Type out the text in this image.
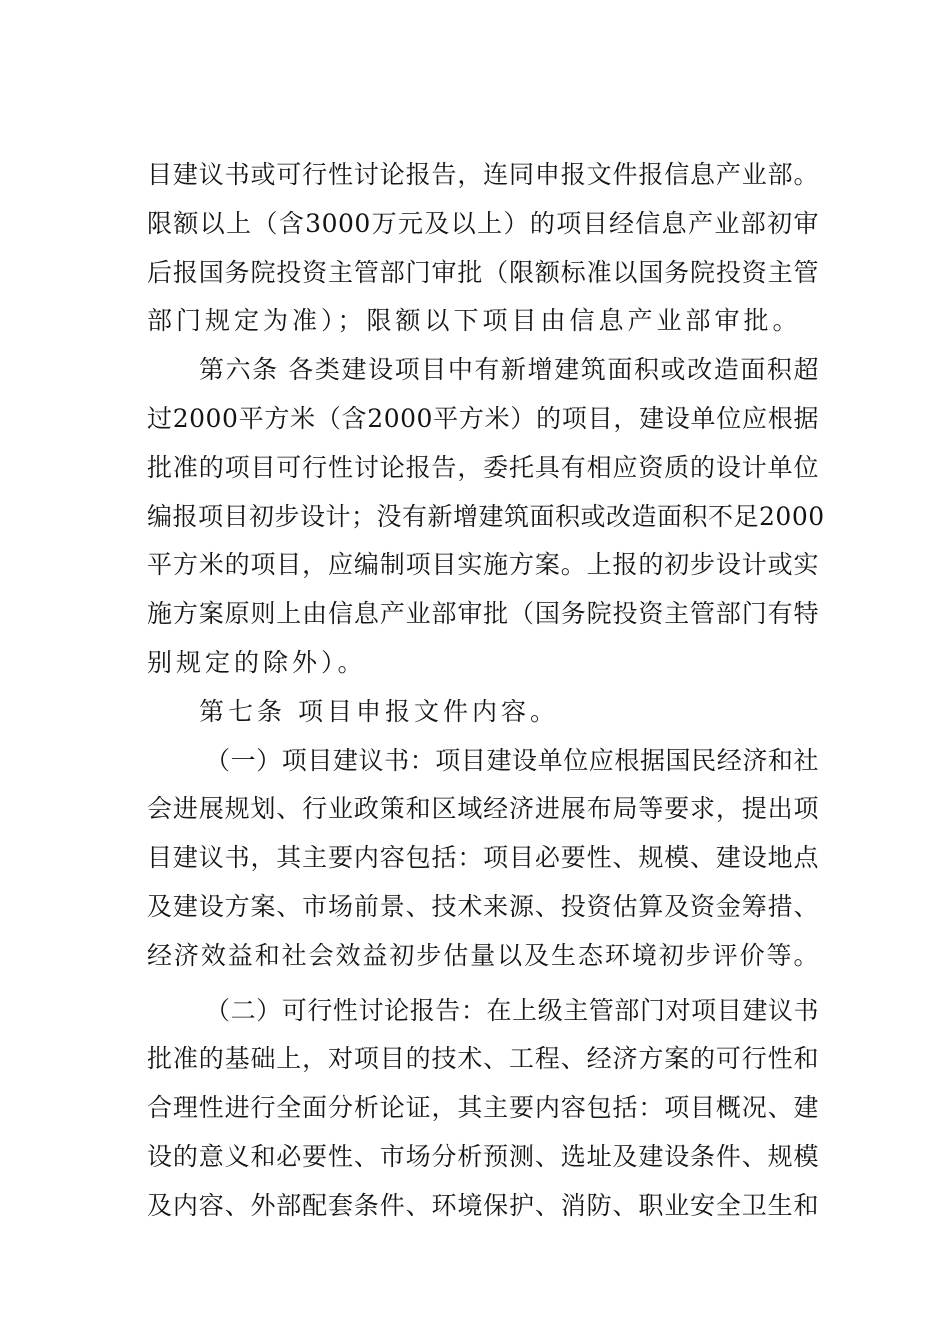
目建议书或可行性讨论报告，连同申报文件报信息产业部。
限额以上（含3000万元及以上）的项目经信息产业部初审
后报国务院投资主管部门审批（限额标准以国务院投资主管
部门规定为准）；限额以下项目由信息产业部审批。
第六条 各类建设项目中有新增建筑面积或改造面积超
过2000平方米（含2000平方米）的项目，建设单位应根据
批准的项目可行性讨论报告，委托具有相应资质的设计单位
编报项目初步设计；没有新增建筑面积或改造面积不足2000
平方米的项目，应编制项目实施方案。上报的初步设计或实
施方案原则上由信息产业部审批（国务院投资主管部门有特
别规定的除外）。
第七条 项目申报文件内容。
（一）项目建议书：项目建设单位应根据国民经济和社
会进展规划、行业政策和区域经济进展布局等要求，提出项
目建议书，其主要内容包括：项目必要性、规模、建设地点
及建设方案、市场前景、技术来源、投资估算及资金筹措、
经济效益和社会效益初步估量以及生态环境初步评价等。
（二）可行性讨论报告：在上级主管部门对项目建议书
批准的基础上，对项目的技术、工程、经济方案的可行性和
合理性进行全面分析论证，其主要内容包括：项目概况、建
设的意义和必要性、市场分析预测、选址及建设条件、规模
及内容、外部配套条件、环境保护、消防、职业安全卫生和
